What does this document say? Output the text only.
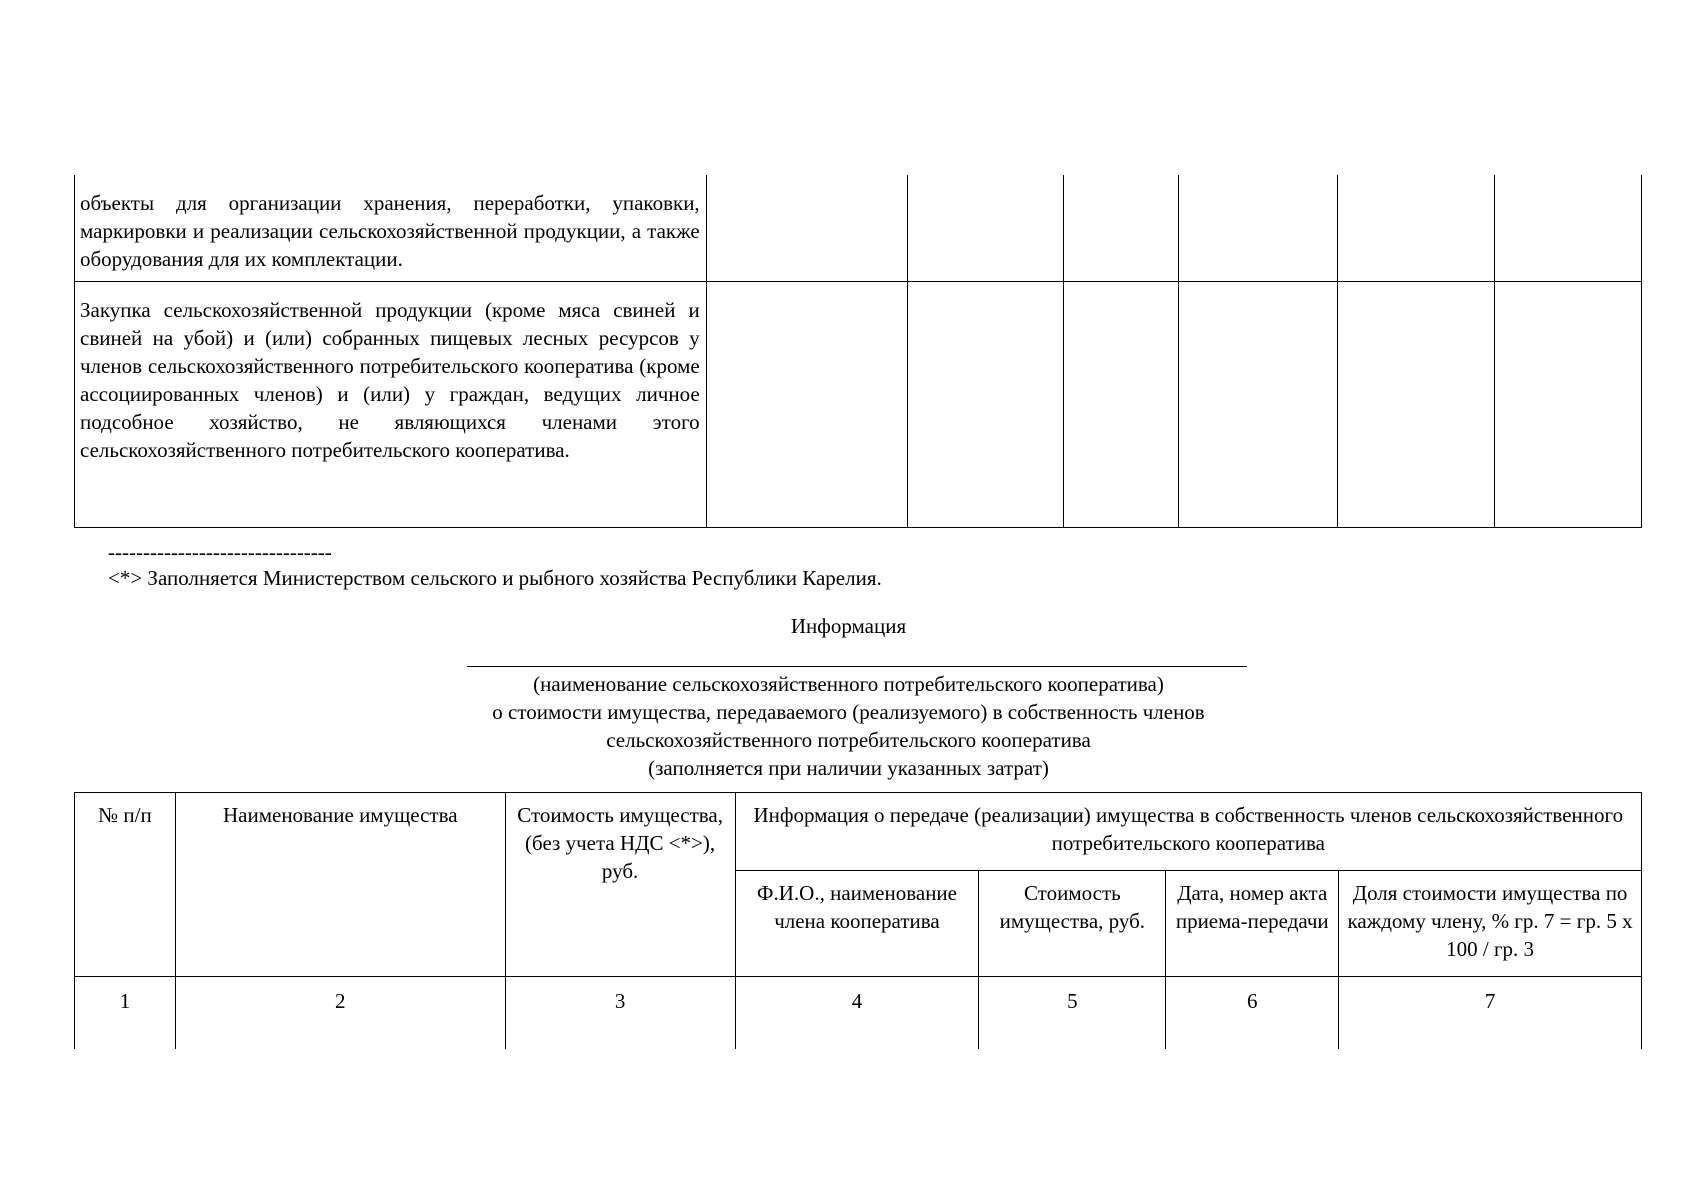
объекты для организации хранения, переработки, упаковки, маркировки и реализации сельскохозяйственной продукции, а также оборудования для их комплектации.						
Закупка сельскохозяйственной продукции (кроме мяса свиней и свиней на убой) и (или) собранных пищевых лесных ресурсов у членов сельскохозяйственного потребительского кооператива (кроме ассоциированных членов) и (или) у граждан, ведущих личное подсобное хозяйство, не являющихся членами этого сельскохозяйственного потребительского кооператива.						
--------------------------------
<*> Заполняется Министерством сельского и рыбного хозяйства Республики Карелия.
Информация
(наименование сельскохозяйственного потребительского кооператива)
о стоимости имущества, передаваемого (реализуемого) в собственность членов
сельскохозяйственного потребительского кооператива
(заполняется при наличии указанных затрат)
№ п/п	Наименование имущества	Стоимость имущества, (без учета НДС <*>), руб.	Информация о передаче (реализации) имущества в собственность членов сельскохозяйственного потребительского кооператива			
			Ф.И.О., наименование члена кооператива	Стоимость имущества, руб.	Дата, номер акта приема-передачи	Доля стоимости имущества по каждому члену, % гр. 7 = гр. 5 x 100 / гр. 3
1	2	3	4	5	6	7
